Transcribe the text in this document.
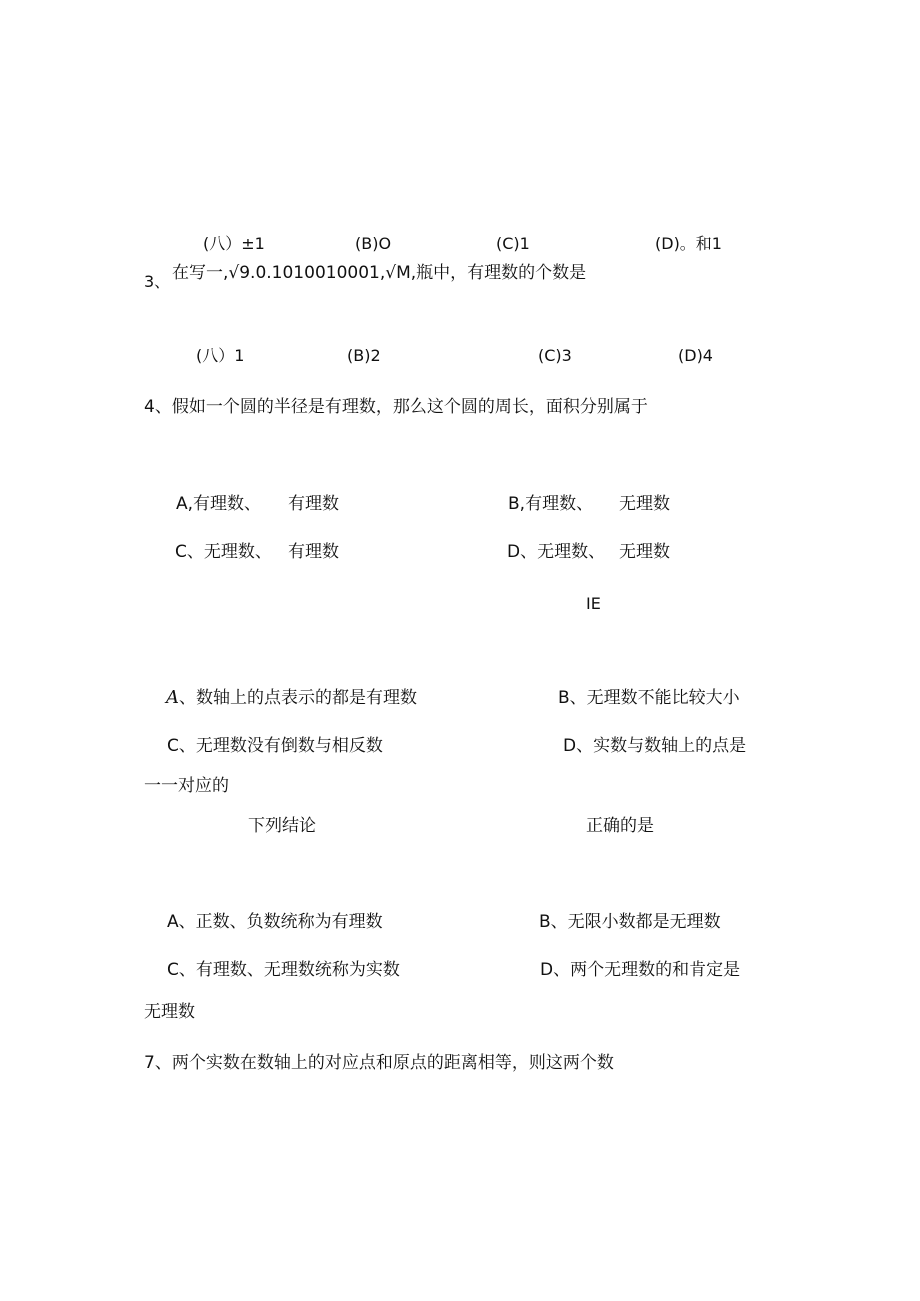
(八）±1	(B)O	(C)1	(D)。和1
3、 在写一,√9.0.1010010001,√M,瓶中，有理数的个数是
(八）1	(B)2	(C)3	(D)4
4、假如一个圆的半径是有理数，那么这个圆的周长，面积分别属于
A,有理数、 有理数	B,有理数、 无理数
C、无理数、 有理数	D、无理数、 无理数
IE
A、数轴上的点表示的都是有理数	B、无理数不能比较大小
C、无理数没有倒数与相反数	D、实数与数轴上的点是
一一对应的
下列结论	正确的是
A、正数、负数统称为有理数	B、无限小数都是无理数
C、有理数、无理数统称为实数	D、两个无理数的和肯定是
无理数
7、两个实数在数轴上的对应点和原点的距离相等，则这两个数
